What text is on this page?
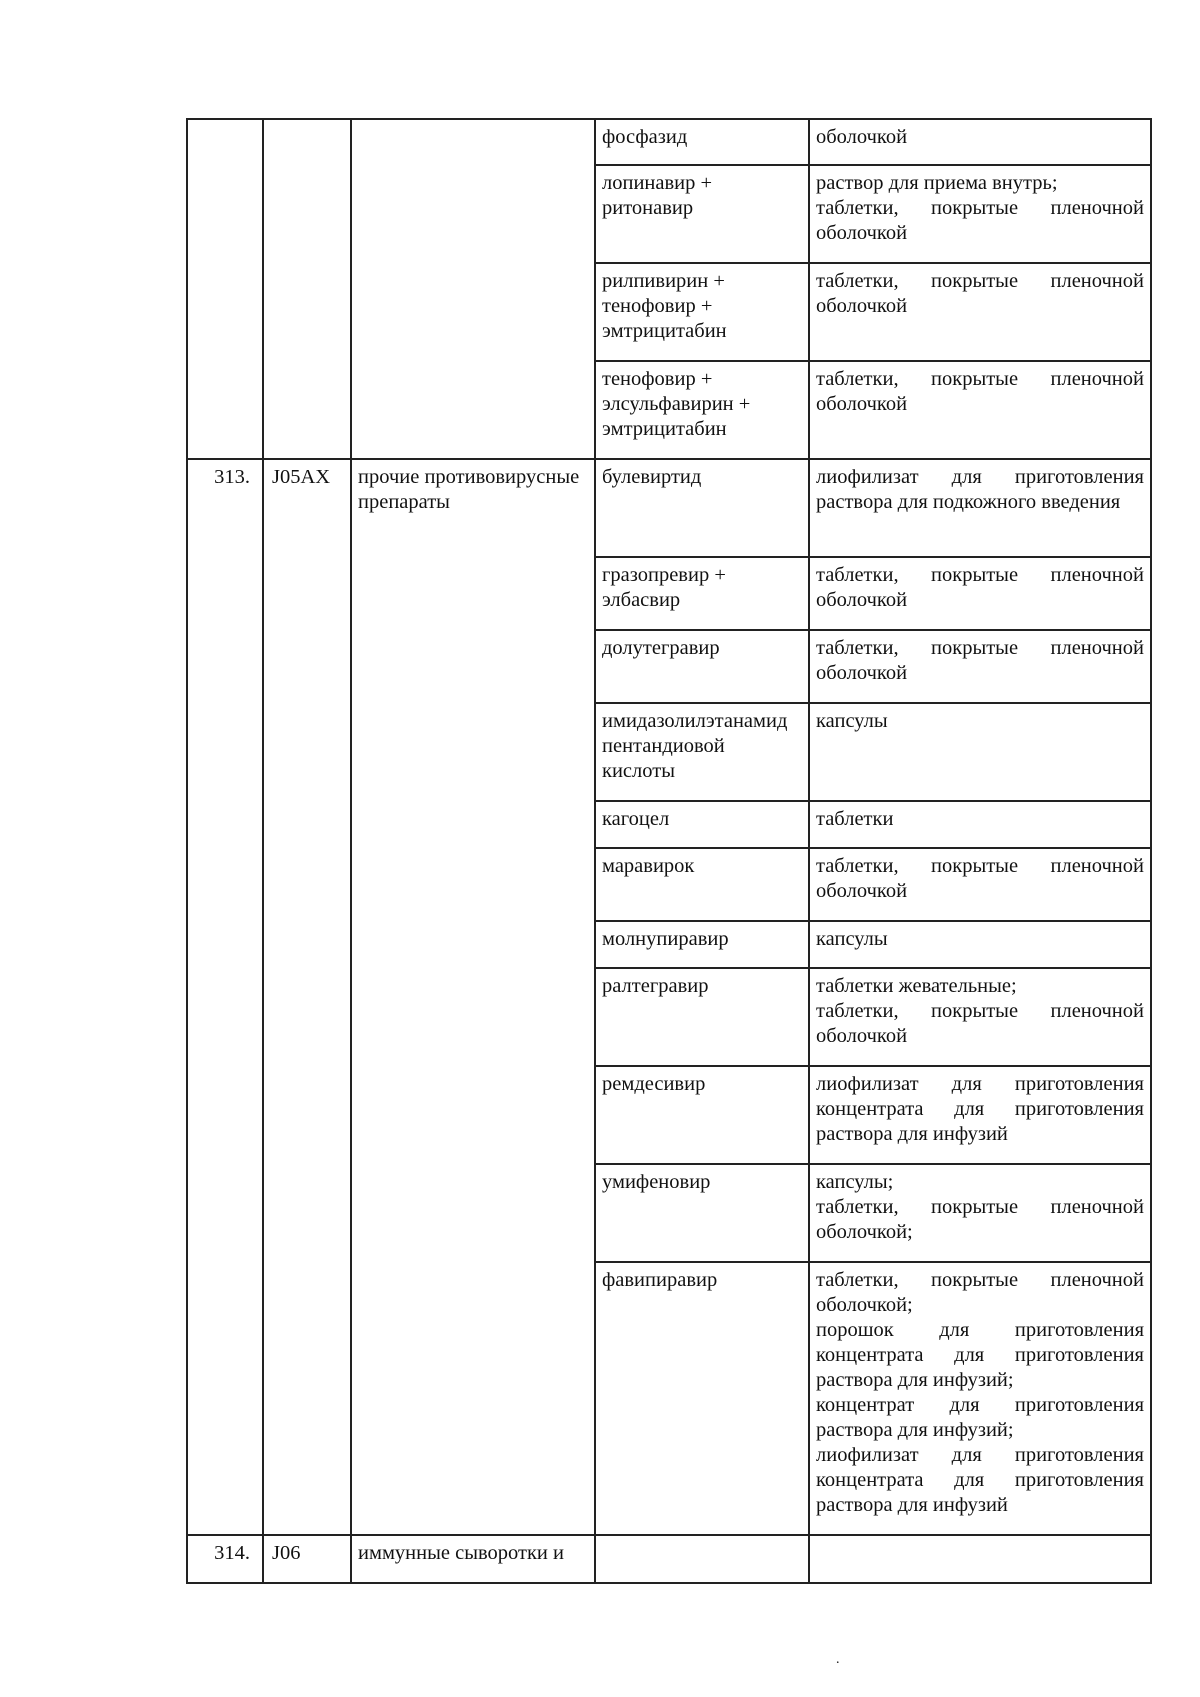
			фосфазид	оболочкой
			лопинавир + ритонавир	раствор для приема внутрь;
таблетки, покрытые пленочной оболочкой
			рилпивирин + тенофовир + эмтрицитабин	таблетки, покрытые пленочной оболочкой
			тенофовир + элсульфавирин + эмтрицитабин	таблетки, покрытые пленочной оболочкой
313.	J05AX	прочие противовирусные препараты	булевиртид	лиофилизат для приготовления раствора для подкожного введения
			гразопревир + элбасвир	таблетки, покрытые пленочной оболочкой
			долутегравир	таблетки, покрытые пленочной оболочкой
			имидазолилэтанамид пентандиовой кислоты	капсулы
			кагоцел	таблетки
			маравирок	таблетки, покрытые пленочной оболочкой
			молнупиравир	капсулы
			ралтегравир	таблетки жевательные;
таблетки, покрытые пленочной оболочкой
			ремдесивир	лиофилизат для приготовления концентрата для приготовления раствора для инфузий
			умифеновир	капсулы;
таблетки, покрытые пленочной оболочкой;
			фавипиравир	таблетки, покрытые пленочной оболочкой;
порошок для приготовления концентрата для приготовления раствора для инфузий;
концентрат для приготовления раствора для инфузий;
лиофилизат для приготовления концентрата для приготовления раствора для инфузий
314.	J06	иммунные сыворотки и		
.
